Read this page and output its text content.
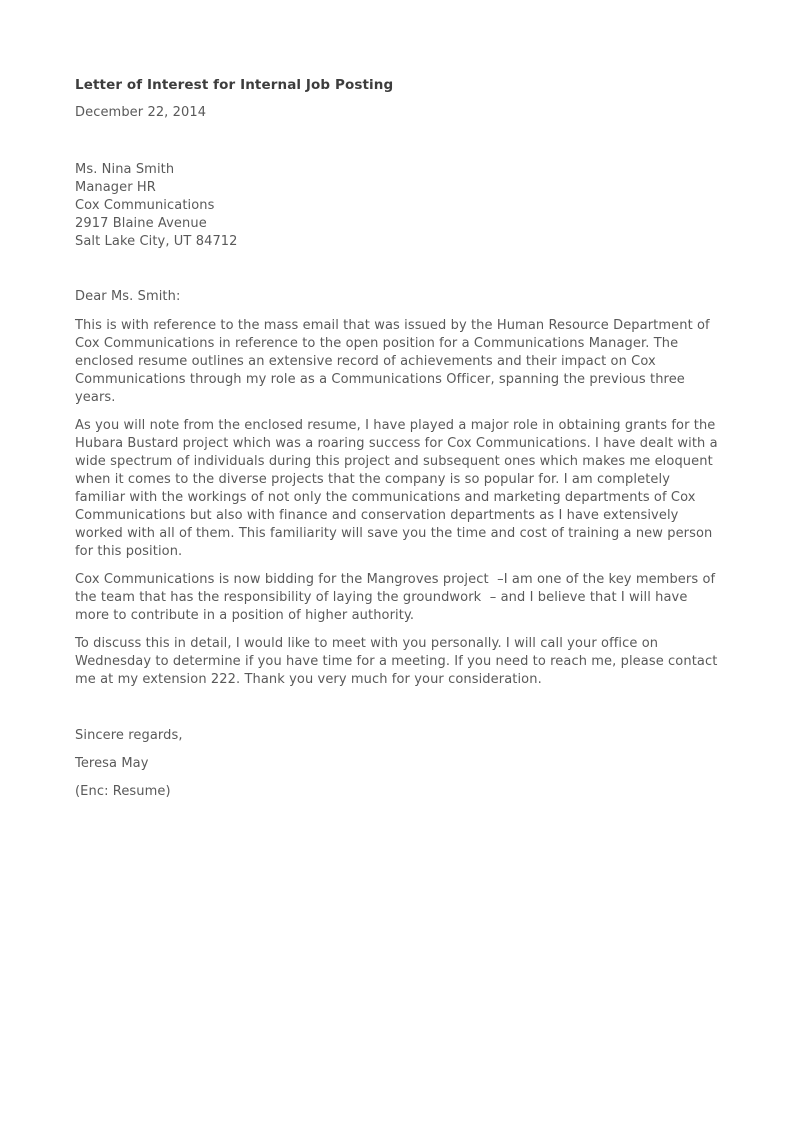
Letter of Interest for Internal Job Posting
December 22, 2014
Ms. Nina Smith
Manager HR
Cox Communications
2917 Blaine Avenue
Salt Lake City, UT 84712
Dear Ms. Smith:
This is with reference to the mass email that was issued by the Human Resource Department of Cox Communications in reference to the open position for a Communications Manager. The enclosed resume outlines an extensive record of achievements and their impact on Cox Communications through my role as a Communications Officer, spanning the previous three years.
As you will note from the enclosed resume, I have played a major role in obtaining grants for the Hubara Bustard project which was a roaring success for Cox Communications. I have dealt with a wide spectrum of individuals during this project and subsequent ones which makes me eloquent when it comes to the diverse projects that the company is so popular for. I am completely familiar with the workings of not only the communications and marketing departments of Cox Communications but also with finance and conservation departments as I have extensively worked with all of them. This familiarity will save you the time and cost of training a new person for this position.
Cox Communications is now bidding for the Mangroves project  –I am one of the key members of the team that has the responsibility of laying the groundwork  – and I believe that I will have more to contribute in a position of higher authority.
To discuss this in detail, I would like to meet with you personally. I will call your office on Wednesday to determine if you have time for a meeting. If you need to reach me, please contact me at my extension 222. Thank you very much for your consideration.
Sincere regards,
Teresa May
(Enc: Resume)
